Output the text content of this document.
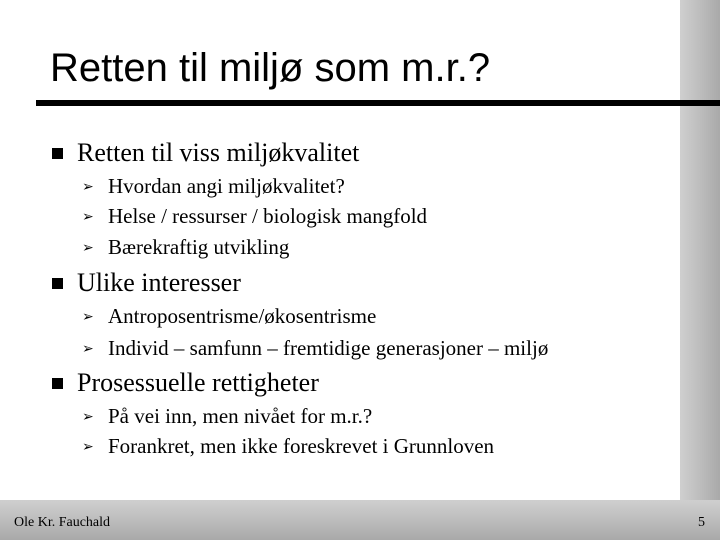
Retten til miljø som m.r.?
Retten til viss miljøkvalitet
➢ Hvordan angi miljøkvalitet?
➢ Helse / ressurser / biologisk mangfold
➢ Bærekraftig utvikling
Ulike interesser
➢ Antroposentrisme/økosentrisme
➢ Individ – samfunn – fremtidige generasjoner – miljø
Prosessuelle rettigheter
➢ På vei inn, men nivået for m.r.?
➢ Forankret, men ikke foreskrevet i Grunnloven
Ole Kr. Fauchald	5
